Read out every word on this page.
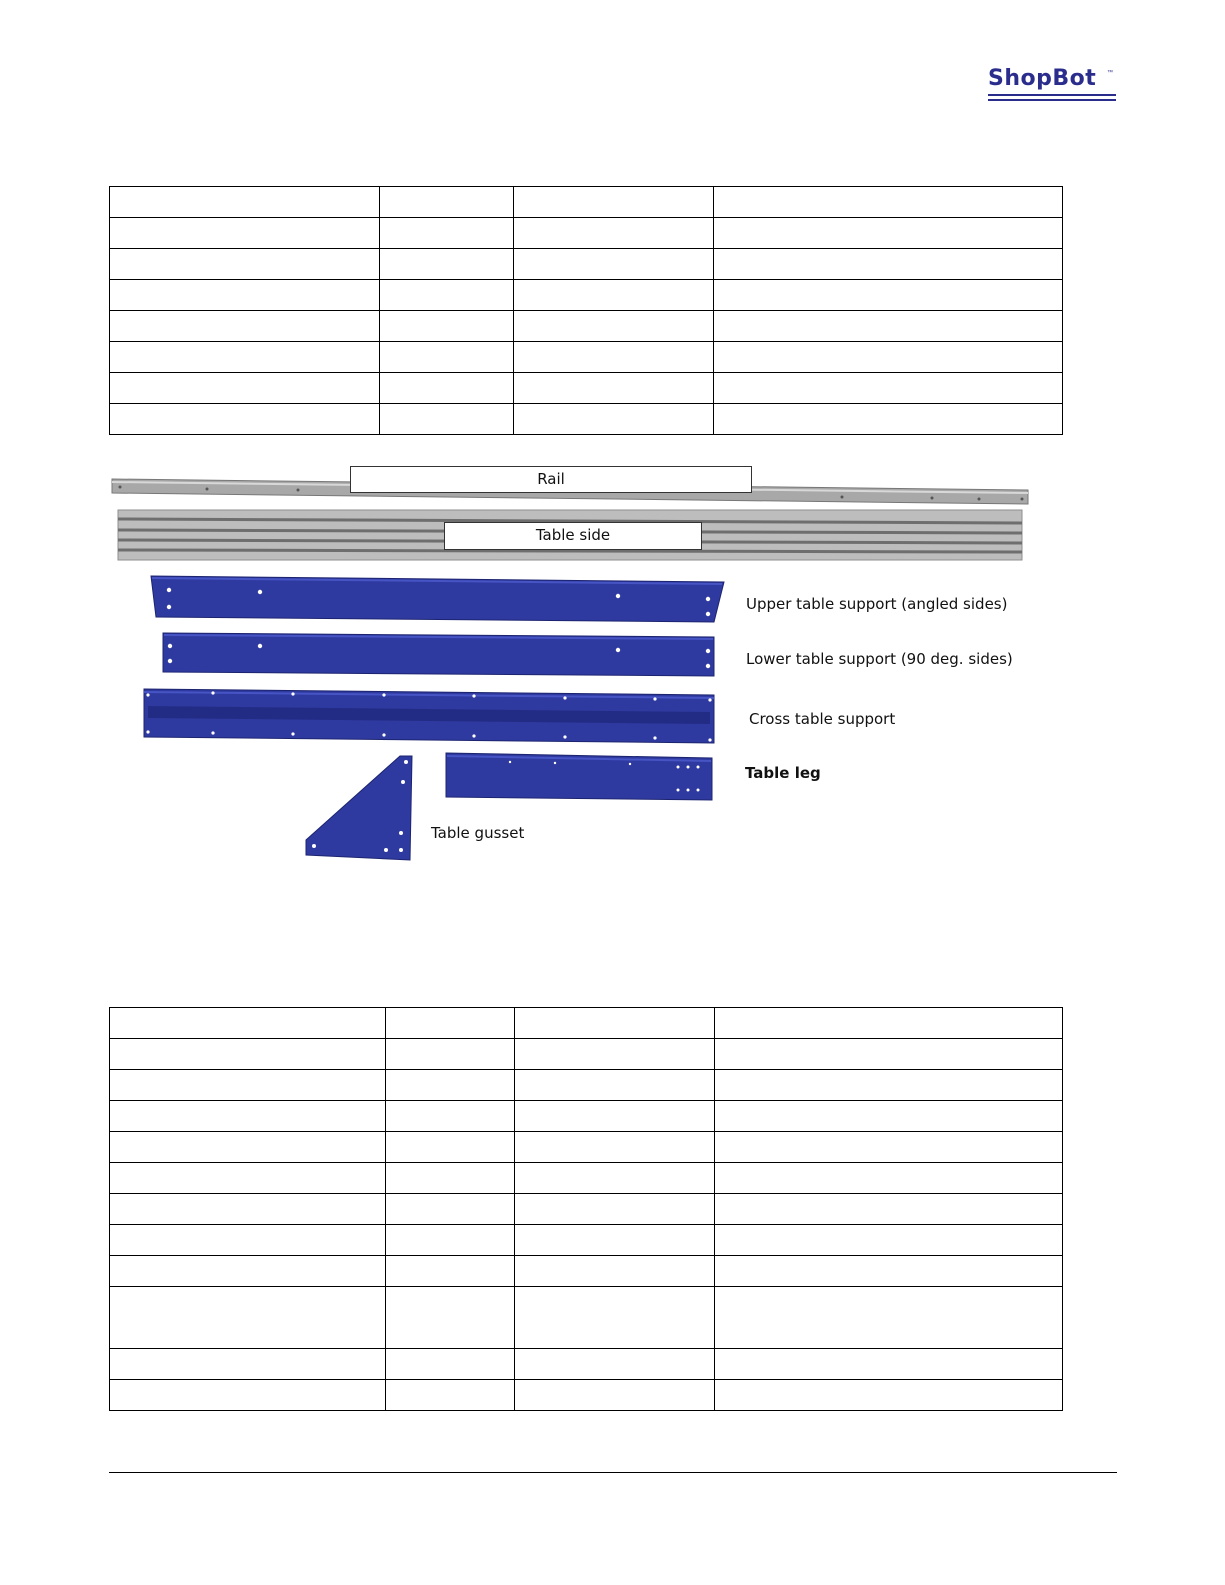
ShopBot ™

Rail
Table side
Upper table support (angled sides)
Lower table support (90 deg. sides)
Cross table support
Table leg
Table gusset
